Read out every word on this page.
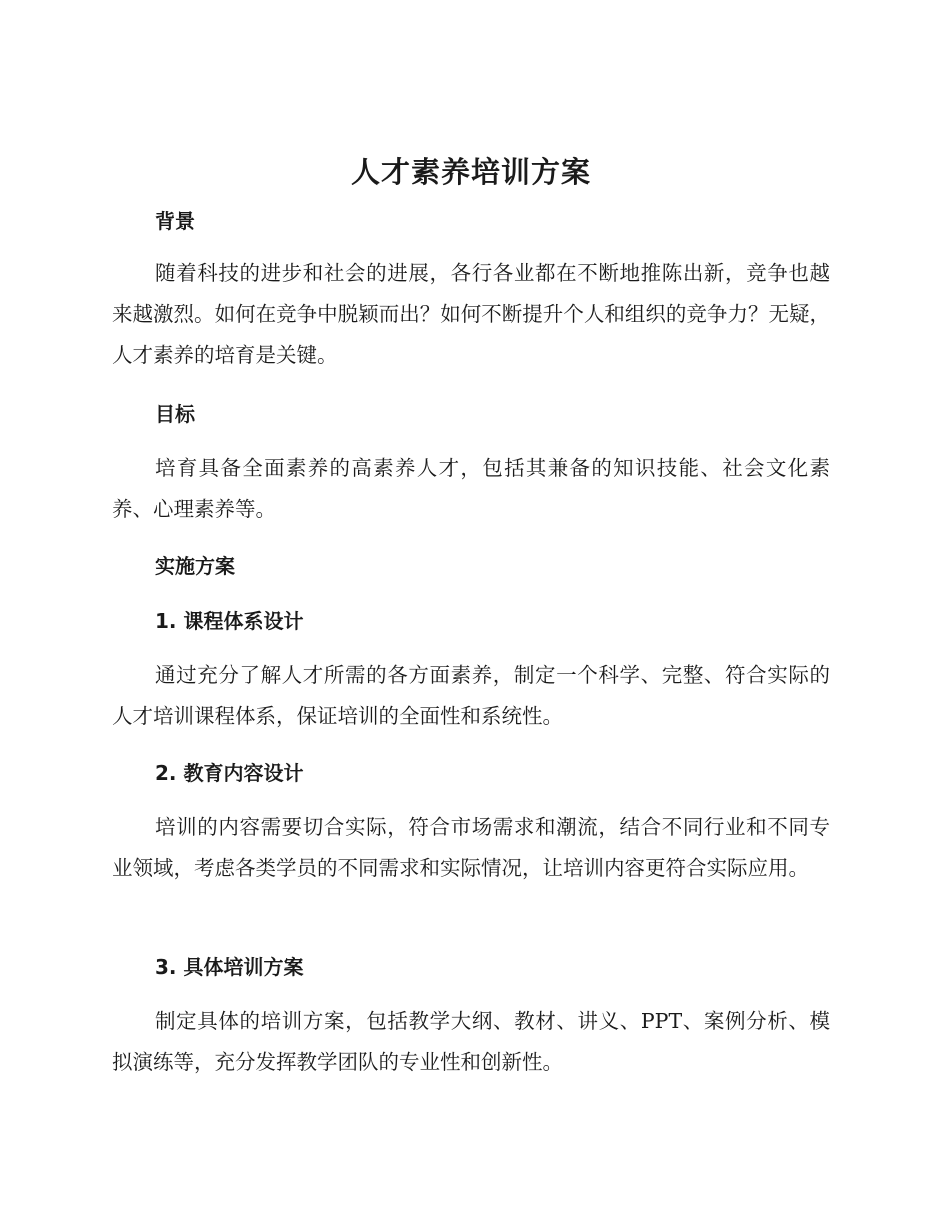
人才素养培训方案
背景

随着科技的进步和社会的进展，各行各业都在不断地推陈出新，竞争也越来越激烈。如何在竞争中脱颖而出？如何不断提升个人和组织的竞争力？无疑，人才素养的培育是关键。

目标

培育具备全面素养的高素养人才，包括其兼备的知识技能、社会文化素养、心理素养等。

实施方案
1. 课程体系设计

通过充分了解人才所需的各方面素养，制定一个科学、完整、符合实际的人才培训课程体系，保证培训的全面性和系统性。

2. 教育内容设计

培训的内容需要切合实际，符合市场需求和潮流，结合不同行业和不同专业领域，考虑各类学员的不同需求和实际情况，让培训内容更符合实际应用。

3. 具体培训方案

制定具体的培训方案，包括教学大纲、教材、讲义、PPT、案例分析、模拟演练等，充分发挥教学团队的专业性和创新性。
